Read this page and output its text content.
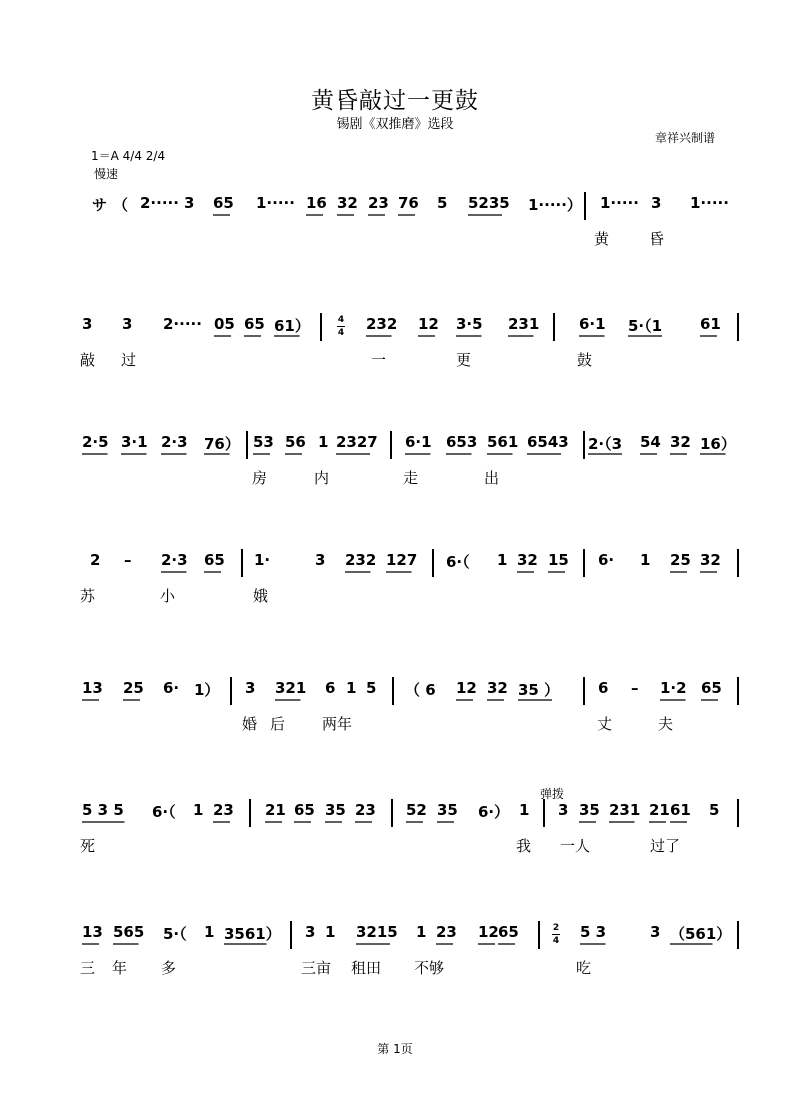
黄昏敲过一更鼓
锡剧《双推磨》选段
章祥兴制谱
1＝A 4/4 2/4
慢速
サ （ 2····· 3 65 1····· 16 32 23 76 5 5235 1·····） 1····· 3 1·····
黄	昏
3 3 2····· 05 65 61）	232 12 3·5 231	6·1 5·（1	61
4
4
敲 过	一	更	鼓
2·5 3·1 2·3 76） 53 56 1 2327 6·1 653 561 6543 2·（3 54 32 16）
房	内	走	出
2 – 2·3 65 1·	3 232 127 6·（ 1 32 15 6· 1 25 32
苏	小	娥
13 25 6· 1） 3 321 6 1 5 （ 6 12 32 35 ）	6 – 1·2 65
婚 后 两年	丈	夫
5 3 5 6·（ 1 23 21 65 35 23 52 35 6·） 1 3 35 231 21 61 5
弹拨
死	我 一人	过了
13 565 5·（ 1 3561） 3 1 3215 1 23 12 65	5 3	3 （561）
2
4
三 年 多	三亩 租田 不够	吃
第 1页
